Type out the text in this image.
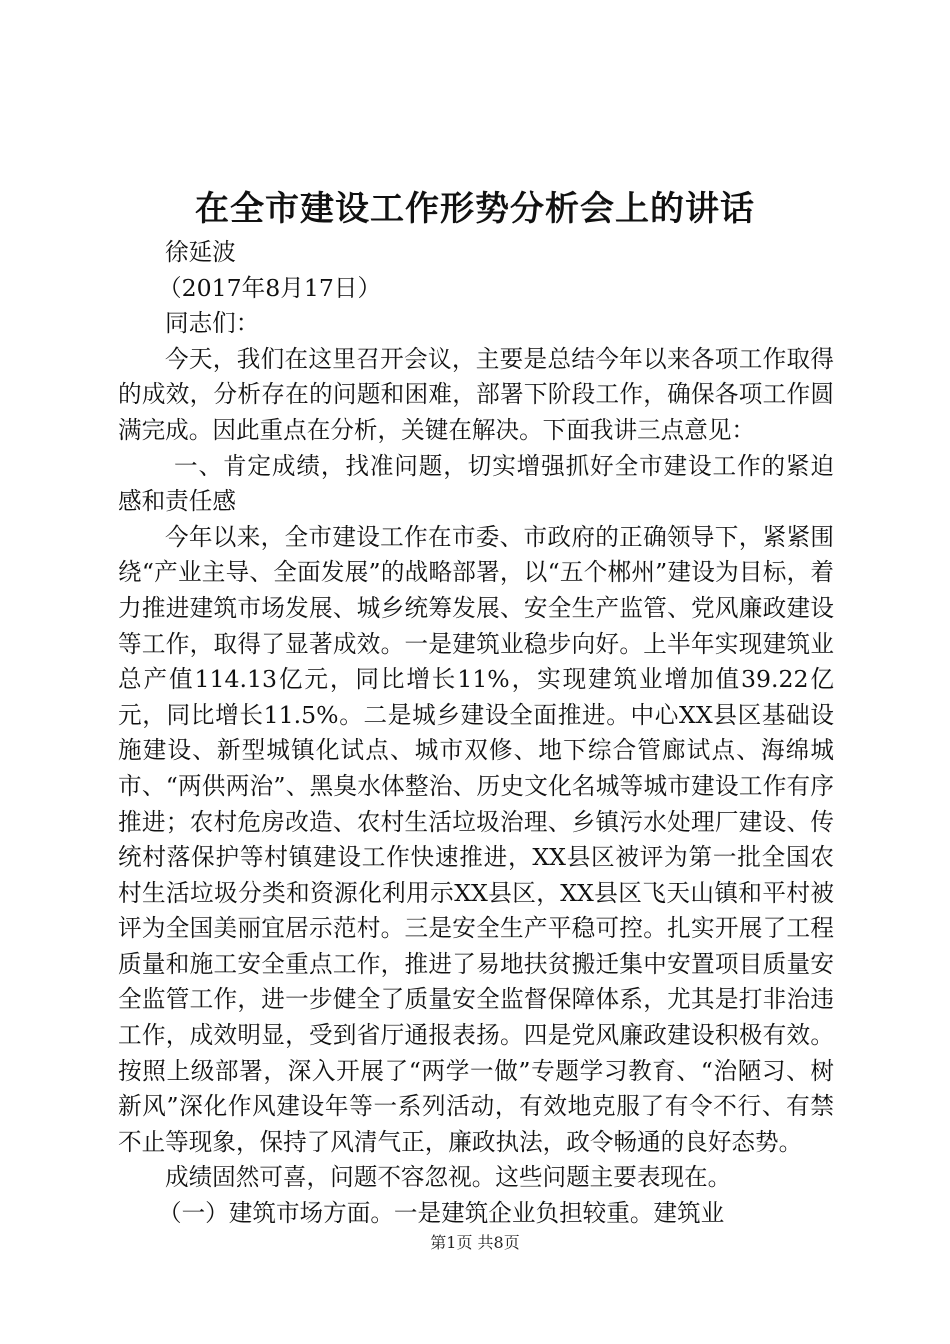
在全市建设工作形势分析会上的讲话

徐延波

（2017年8月17日）

同志们：

今天，我们在这里召开会议，主要是总结今年以来各项工作取得的成效，分析存在的问题和困难，部署下阶段工作，确保各项工作圆满完成。因此重点在分析，关键在解决。下面我讲三点意见：

一、肯定成绩，找准问题，切实增强抓好全市建设工作的紧迫感和责任感

今年以来，全市建设工作在市委、市政府的正确领导下，紧紧围绕“产业主导、全面发展”的战略部署，以“五个郴州”建设为目标，着力推进建筑市场发展、城乡统筹发展、安全生产监管、党风廉政建设等工作，取得了显著成效。一是建筑业稳步向好。上半年实现建筑业总产值114.13亿元，同比增长11%，实现建筑业增加值39.22亿元，同比增长11.5%。二是城乡建设全面推进。中心XX县区基础设施建设、新型城镇化试点、城市双修、地下综合管廊试点、海绵城市、“两供两治”、黑臭水体整治、历史文化名城等城市建设工作有序推进；农村危房改造、农村生活垃圾治理、乡镇污水处理厂建设、传统村落保护等村镇建设工作快速推进，XX县区被评为第一批全国农村生活垃圾分类和资源化利用示XX县区，XX县区飞天山镇和平村被评为全国美丽宜居示范村。三是安全生产平稳可控。扎实开展了工程质量和施工安全重点工作，推进了易地扶贫搬迁集中安置项目质量安全监管工作，进一步健全了质量安全监督保障体系，尤其是打非治违工作，成效明显，受到省厅通报表扬。四是党风廉政建设积极有效。按照上级部署，深入开展了“两学一做”专题学习教育、“治陋习、树新风”深化作风建设年等一系列活动，有效地克服了有令不行、有禁不止等现象，保持了风清气正，廉政执法，政令畅通的良好态势。

成绩固然可喜，问题不容忽视。这些问题主要表现在。

（一）建筑市场方面。一是建筑企业负担较重。建筑业

第1页 共8页
